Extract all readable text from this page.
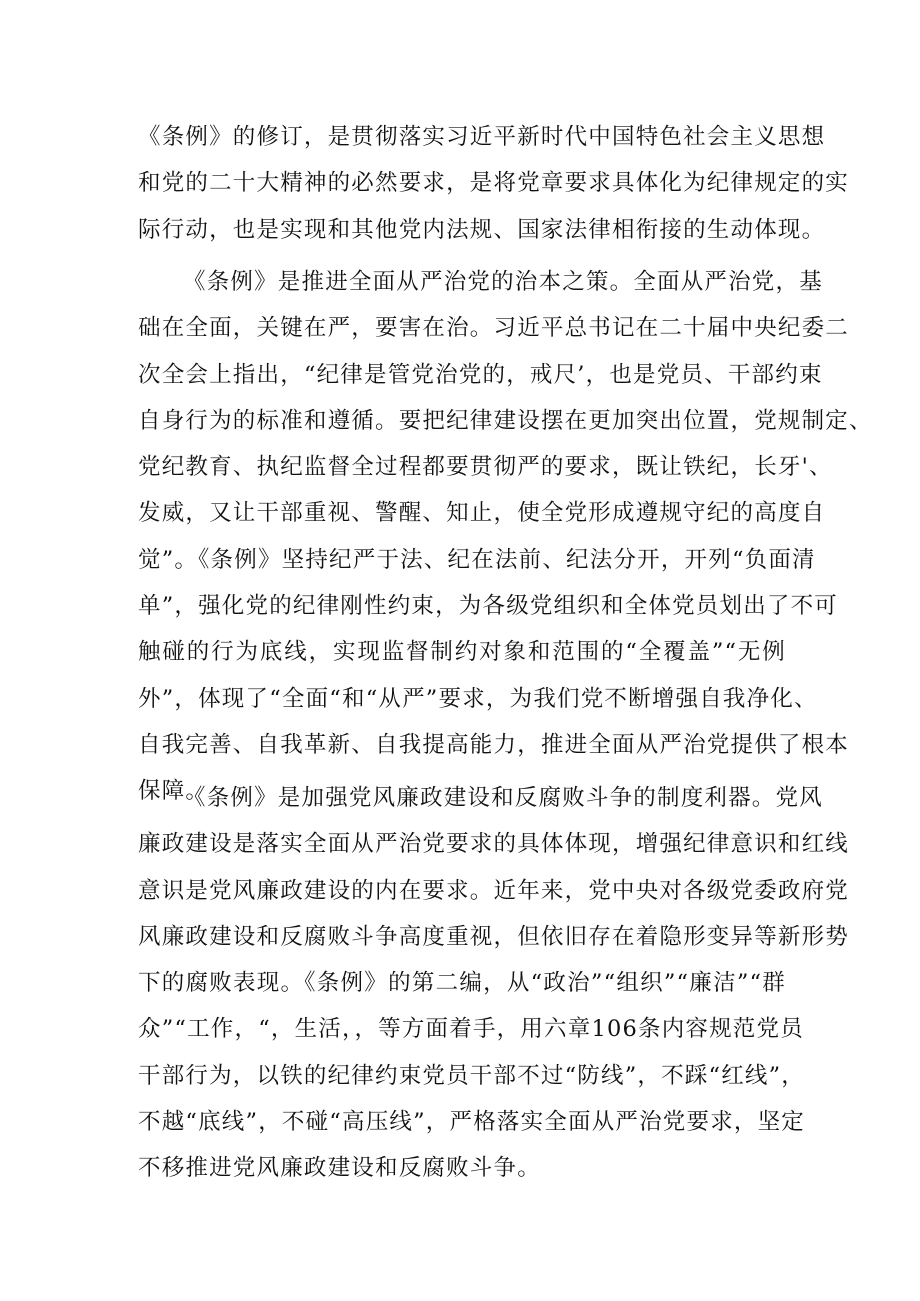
《条例》的修订，是贯彻落实习近平新时代中国特色社会主义思想
和党的二十大精神的必然要求，是将党章要求具体化为纪律规定的实
际行动，也是实现和其他党内法规、国家法律相衔接的生动体现。

《条例》是推进全面从严治党的治本之策。全面从严治党，基
础在全面，关键在严，要害在治。习近平总书记在二十届中央纪委二
次全会上指出，“纪律是管党治党的，戒尺’，也是党员、干部约束
自身行为的标准和遵循。要把纪律建设摆在更加突出位置，党规制定、
党纪教育、执纪监督全过程都要贯彻严的要求，既让铁纪，长牙'、
发威，又让干部重视、警醒、知止，使全党形成遵规守纪的高度自
觉”。《条例》坚持纪严于法、纪在法前、纪法分开，开列“负面清
单”，强化党的纪律刚性约束，为各级党组织和全体党员划出了不可
触碰的行为底线，实现监督制约对象和范围的“全覆盖”“无例
外”，体现了“全面“和“从严”要求，为我们党不断增强自我净化、
自我完善、自我革新、自我提高能力，推进全面从严治党提供了根本
保障。

《条例》是加强党风廉政建设和反腐败斗争的制度利器。党风
廉政建设是落实全面从严治党要求的具体体现，增强纪律意识和红线
意识是党风廉政建设的内在要求。近年来，党中央对各级党委政府党
风廉政建设和反腐败斗争高度重视，但依旧存在着隐形变异等新形势
下的腐败表现。《条例》的第二编，从“政治”“组织”“廉洁”“群
众”“工作，“，生活，，等方面着手，用六章106条内容规范党员
干部行为，以铁的纪律约束党员干部不过“防线”，不踩“红线”，
不越“底线”，不碰“高压线”，严格落实全面从严治党要求，坚定
不移推进党风廉政建设和反腐败斗争。
